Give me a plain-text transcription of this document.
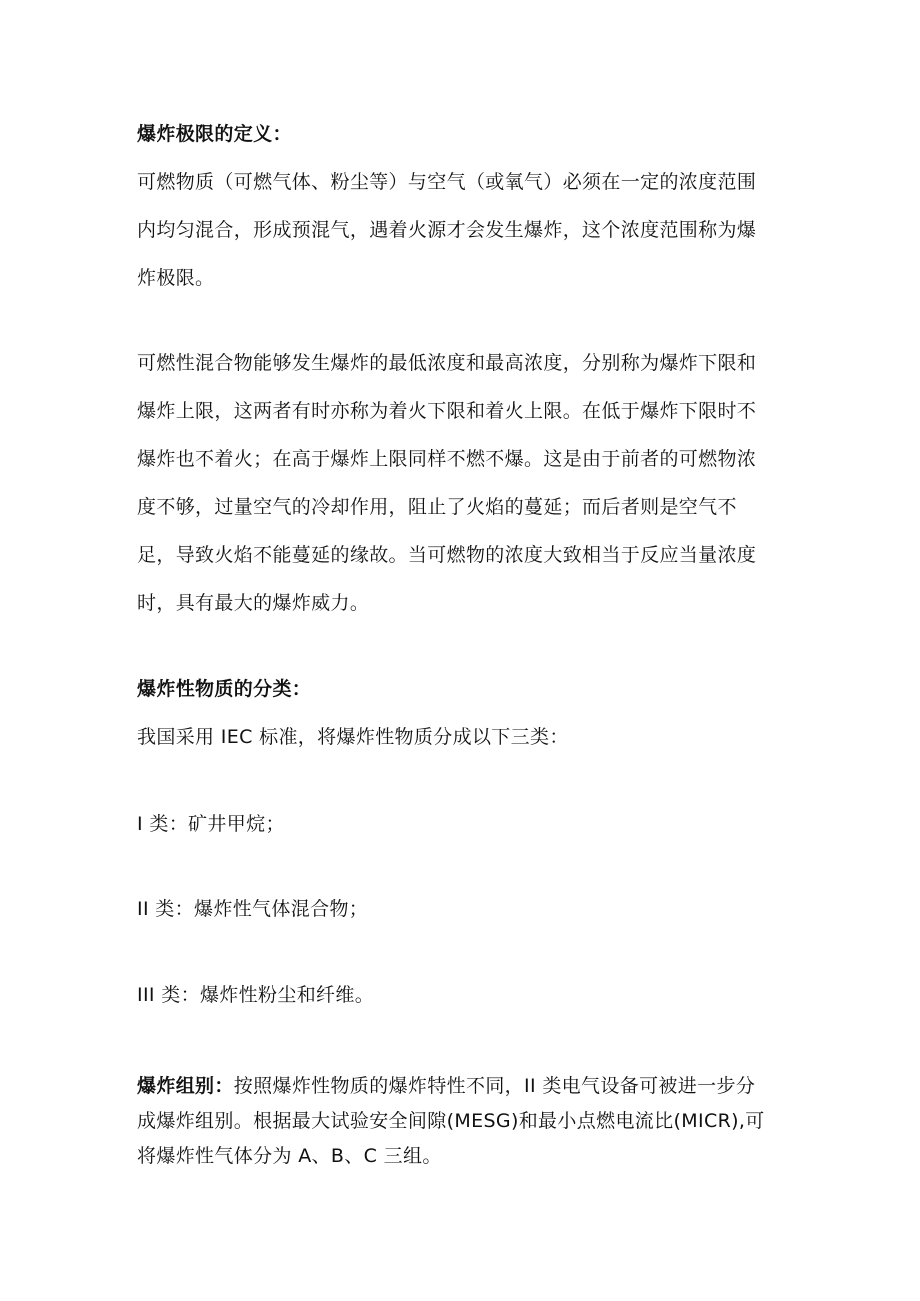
爆炸极限的定义：
可燃物质（可燃气体、粉尘等）与空气（或氧气）必须在一定的浓度范围
内均匀混合，形成预混气，遇着火源才会发生爆炸，这个浓度范围称为爆
炸极限。
可燃性混合物能够发生爆炸的最低浓度和最高浓度，分别称为爆炸下限和
爆炸上限，这两者有时亦称为着火下限和着火上限。在低于爆炸下限时不
爆炸也不着火；在高于爆炸上限同样不燃不爆。这是由于前者的可燃物浓
度不够，过量空气的冷却作用，阻止了火焰的蔓延；而后者则是空气不
足，导致火焰不能蔓延的缘故。当可燃物的浓度大致相当于反应当量浓度
时，具有最大的爆炸威力。
爆炸性物质的分类：
我国采用 IEC 标准，将爆炸性物质分成以下三类：
I 类：矿井甲烷；
II 类：爆炸性气体混合物；
III 类：爆炸性粉尘和纤维。
爆炸组别：按照爆炸性物质的爆炸特性不同，II 类电气设备可被进一步分
成爆炸组别。根据最大试验安全间隙(MESG)和最小点燃电流比(MICR),可
将爆炸性气体分为 A、B、C 三组。
